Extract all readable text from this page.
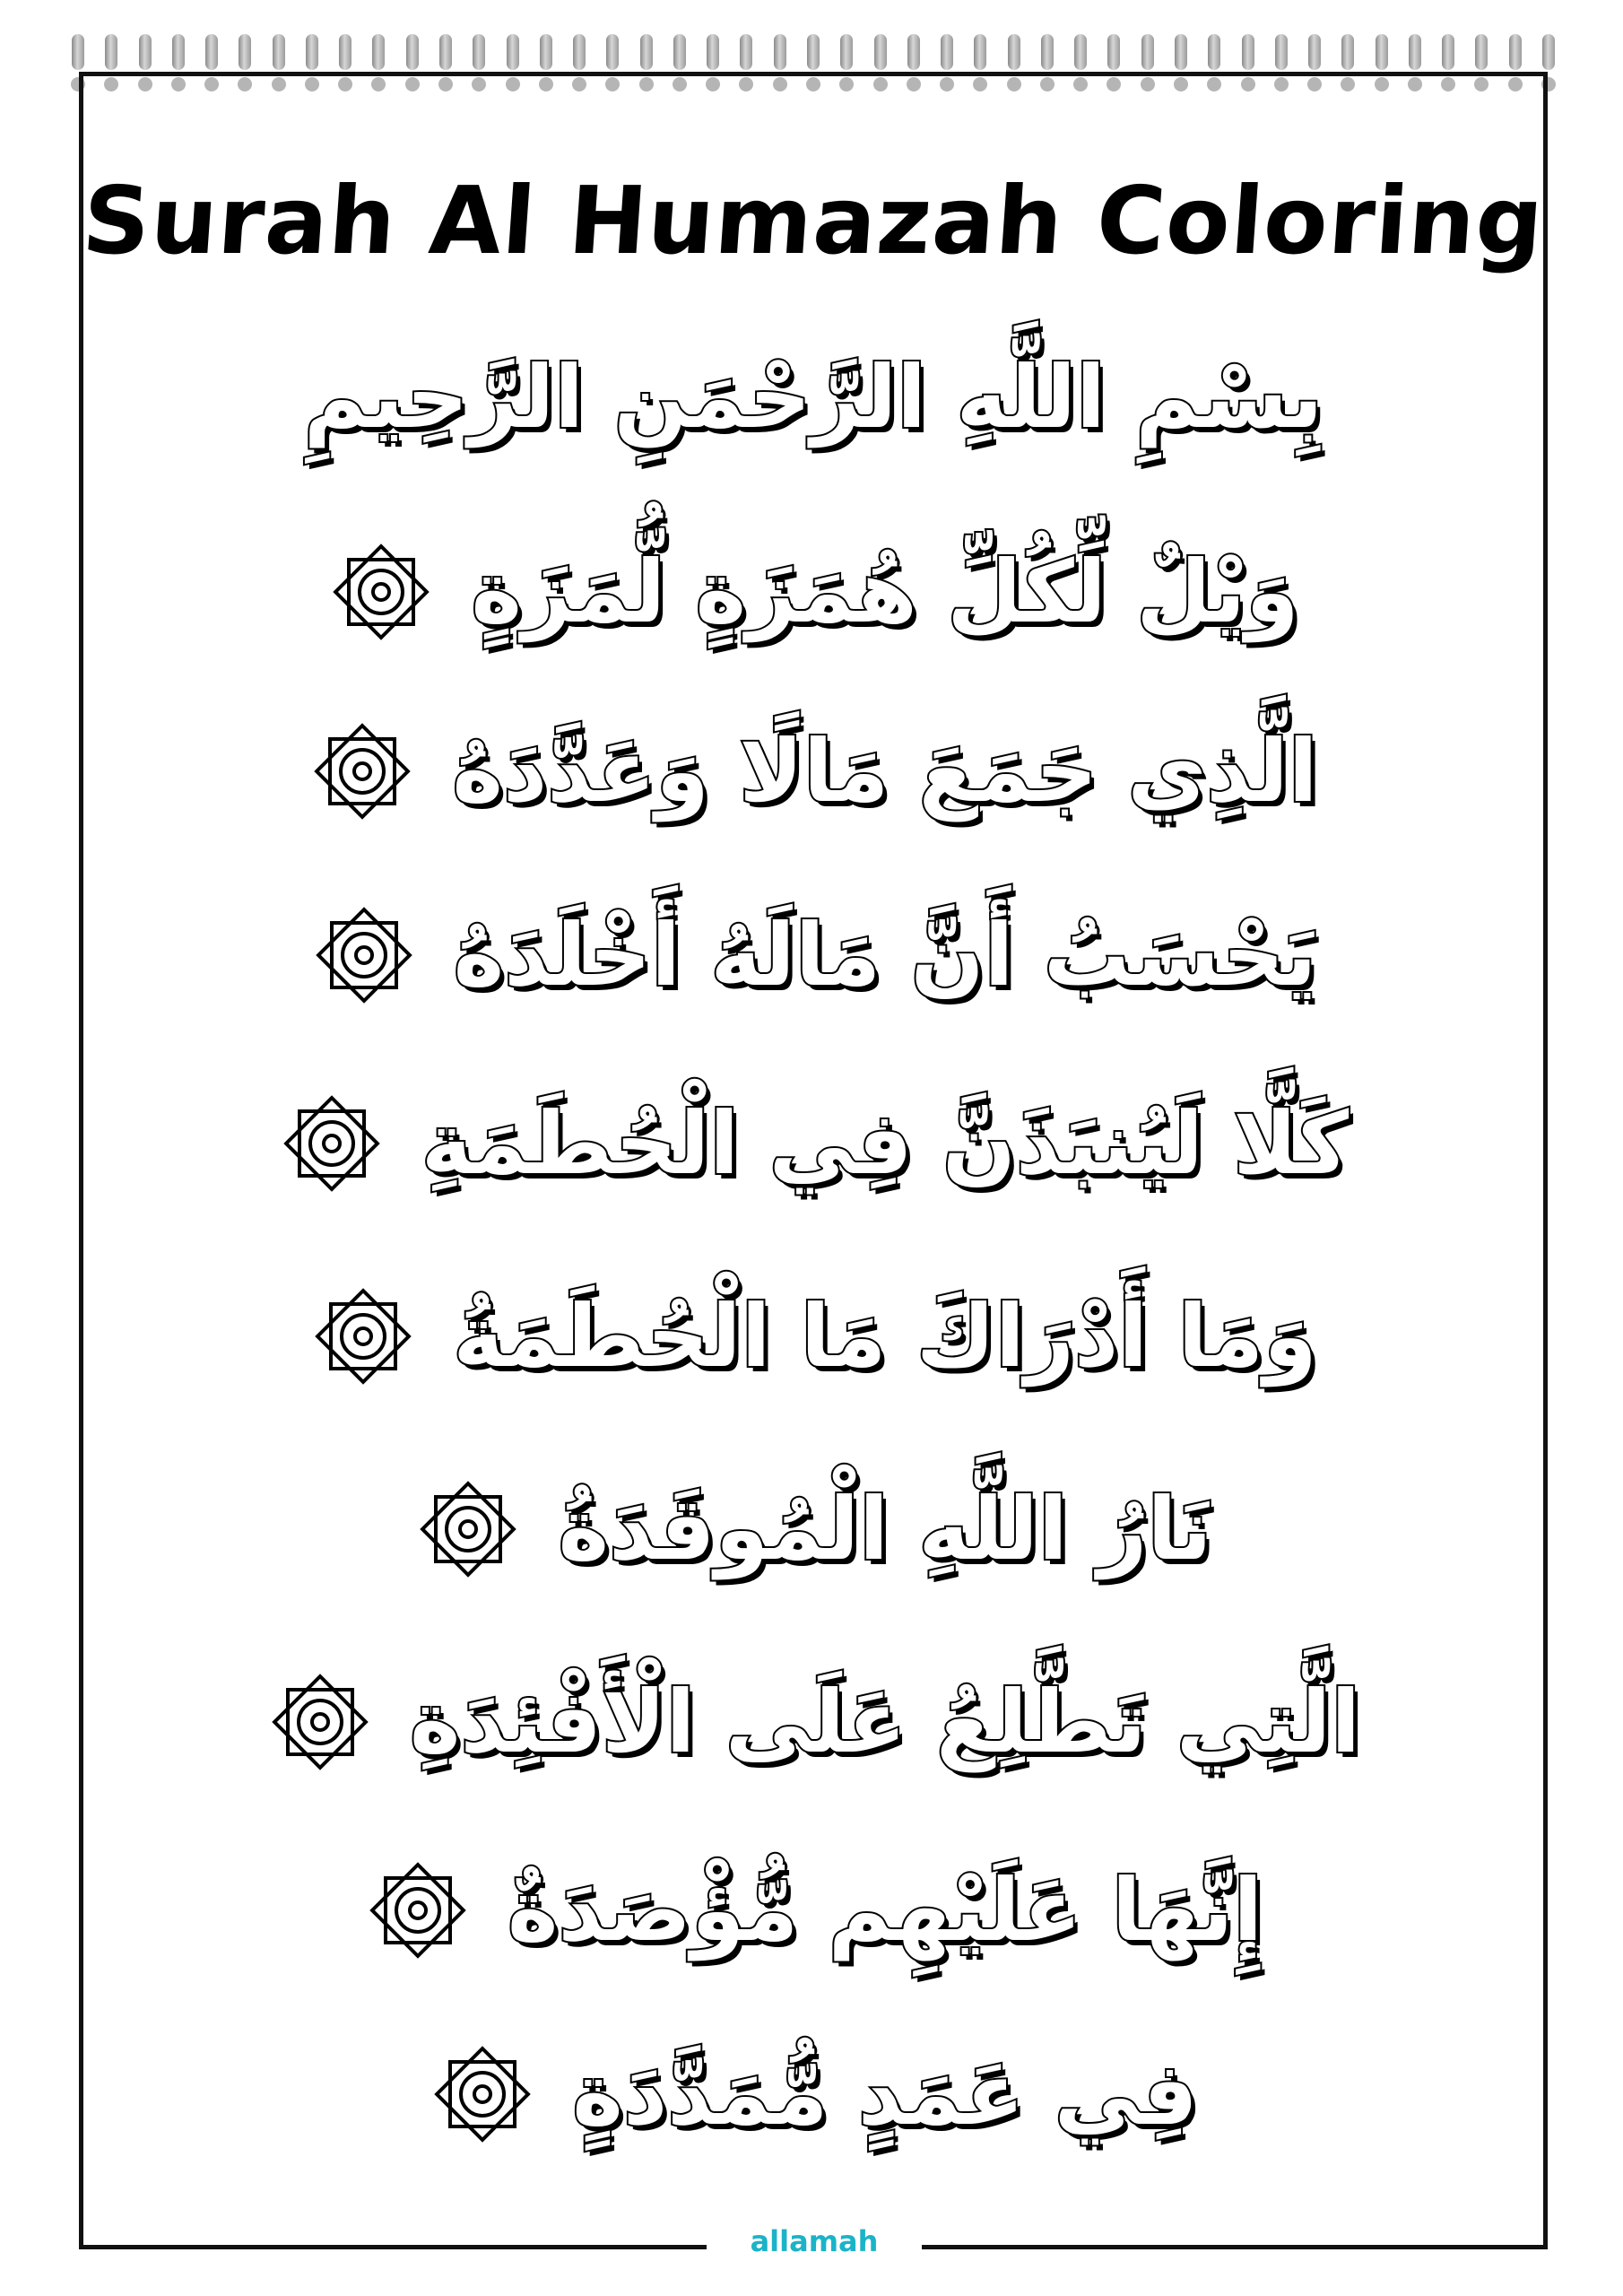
Surah Al Humazah Coloring
بِسْمِ اللَّهِ الرَّحْمَنِ الرَّحِيمِ
وَيْلٌ لِّكُلِّ هُمَزَةٍ لُّمَزَةٍ
الَّذِي جَمَعَ مَالًا وَعَدَّدَهُ
يَحْسَبُ أَنَّ مَالَهُ أَخْلَدَهُ
كَلَّا لَيُنبَذَنَّ فِي الْحُطَمَةِ
وَمَا أَدْرَاكَ مَا الْحُطَمَةُ
نَارُ اللَّهِ الْمُوقَدَةُ
الَّتِي تَطَّلِعُ عَلَى الْأَفْئِدَةِ
إِنَّهَا عَلَيْهِم مُّؤْصَدَةٌ
فِي عَمَدٍ مُّمَدَّدَةٍ
allamah
